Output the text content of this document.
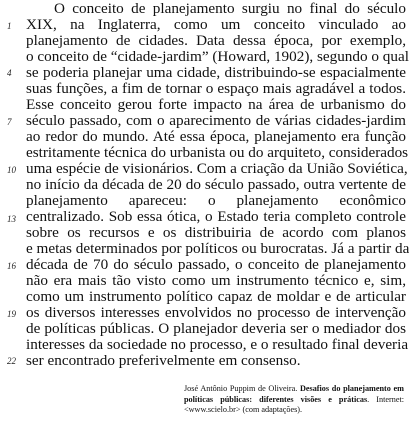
1
4
7
10
13
16
19
22
O conceito de planejamento surgiu no final do século
XIX, na Inglaterra, como um conceito vinculado ao
planejamento de cidades. Data dessa época, por exemplo,
o conceito de “cidade-jardim” (Howard, 1902), segundo o qual
se poderia planejar uma cidade, distribuindo-se espacialmente
suas funções, a fim de tornar o espaço mais agradável a todos.
Esse conceito gerou forte impacto na área de urbanismo do
século passado, com o aparecimento de várias cidades-jardim
ao redor do mundo. Até essa época, planejamento era função
estritamente técnica do urbanista ou do arquiteto, considerados
uma espécie de visionários. Com a criação da União Soviética,
no início da década de 20 do século passado, outra vertente de
planejamento apareceu: o planejamento econômico
centralizado. Sob essa ótica, o Estado teria completo controle
sobre os recursos e os distribuiria de acordo com planos
e metas determinados por políticos ou burocratas. Já a partir da
década de 70 do século passado, o conceito de planejamento
não era mais tão visto como um instrumento técnico e, sim,
como um instrumento político capaz de moldar e de articular
os diversos interesses envolvidos no processo de intervenção
de políticas públicas. O planejador deveria ser o mediador dos
interesses da sociedade no processo, e o resultado final deveria
ser encontrado preferivelmente em consenso.
José Antônio Puppim de Oliveira. Desafios do planejamento em políticas públicas: diferentes visões e práticas. Internet: <www.scielo.br> (com adaptações).
